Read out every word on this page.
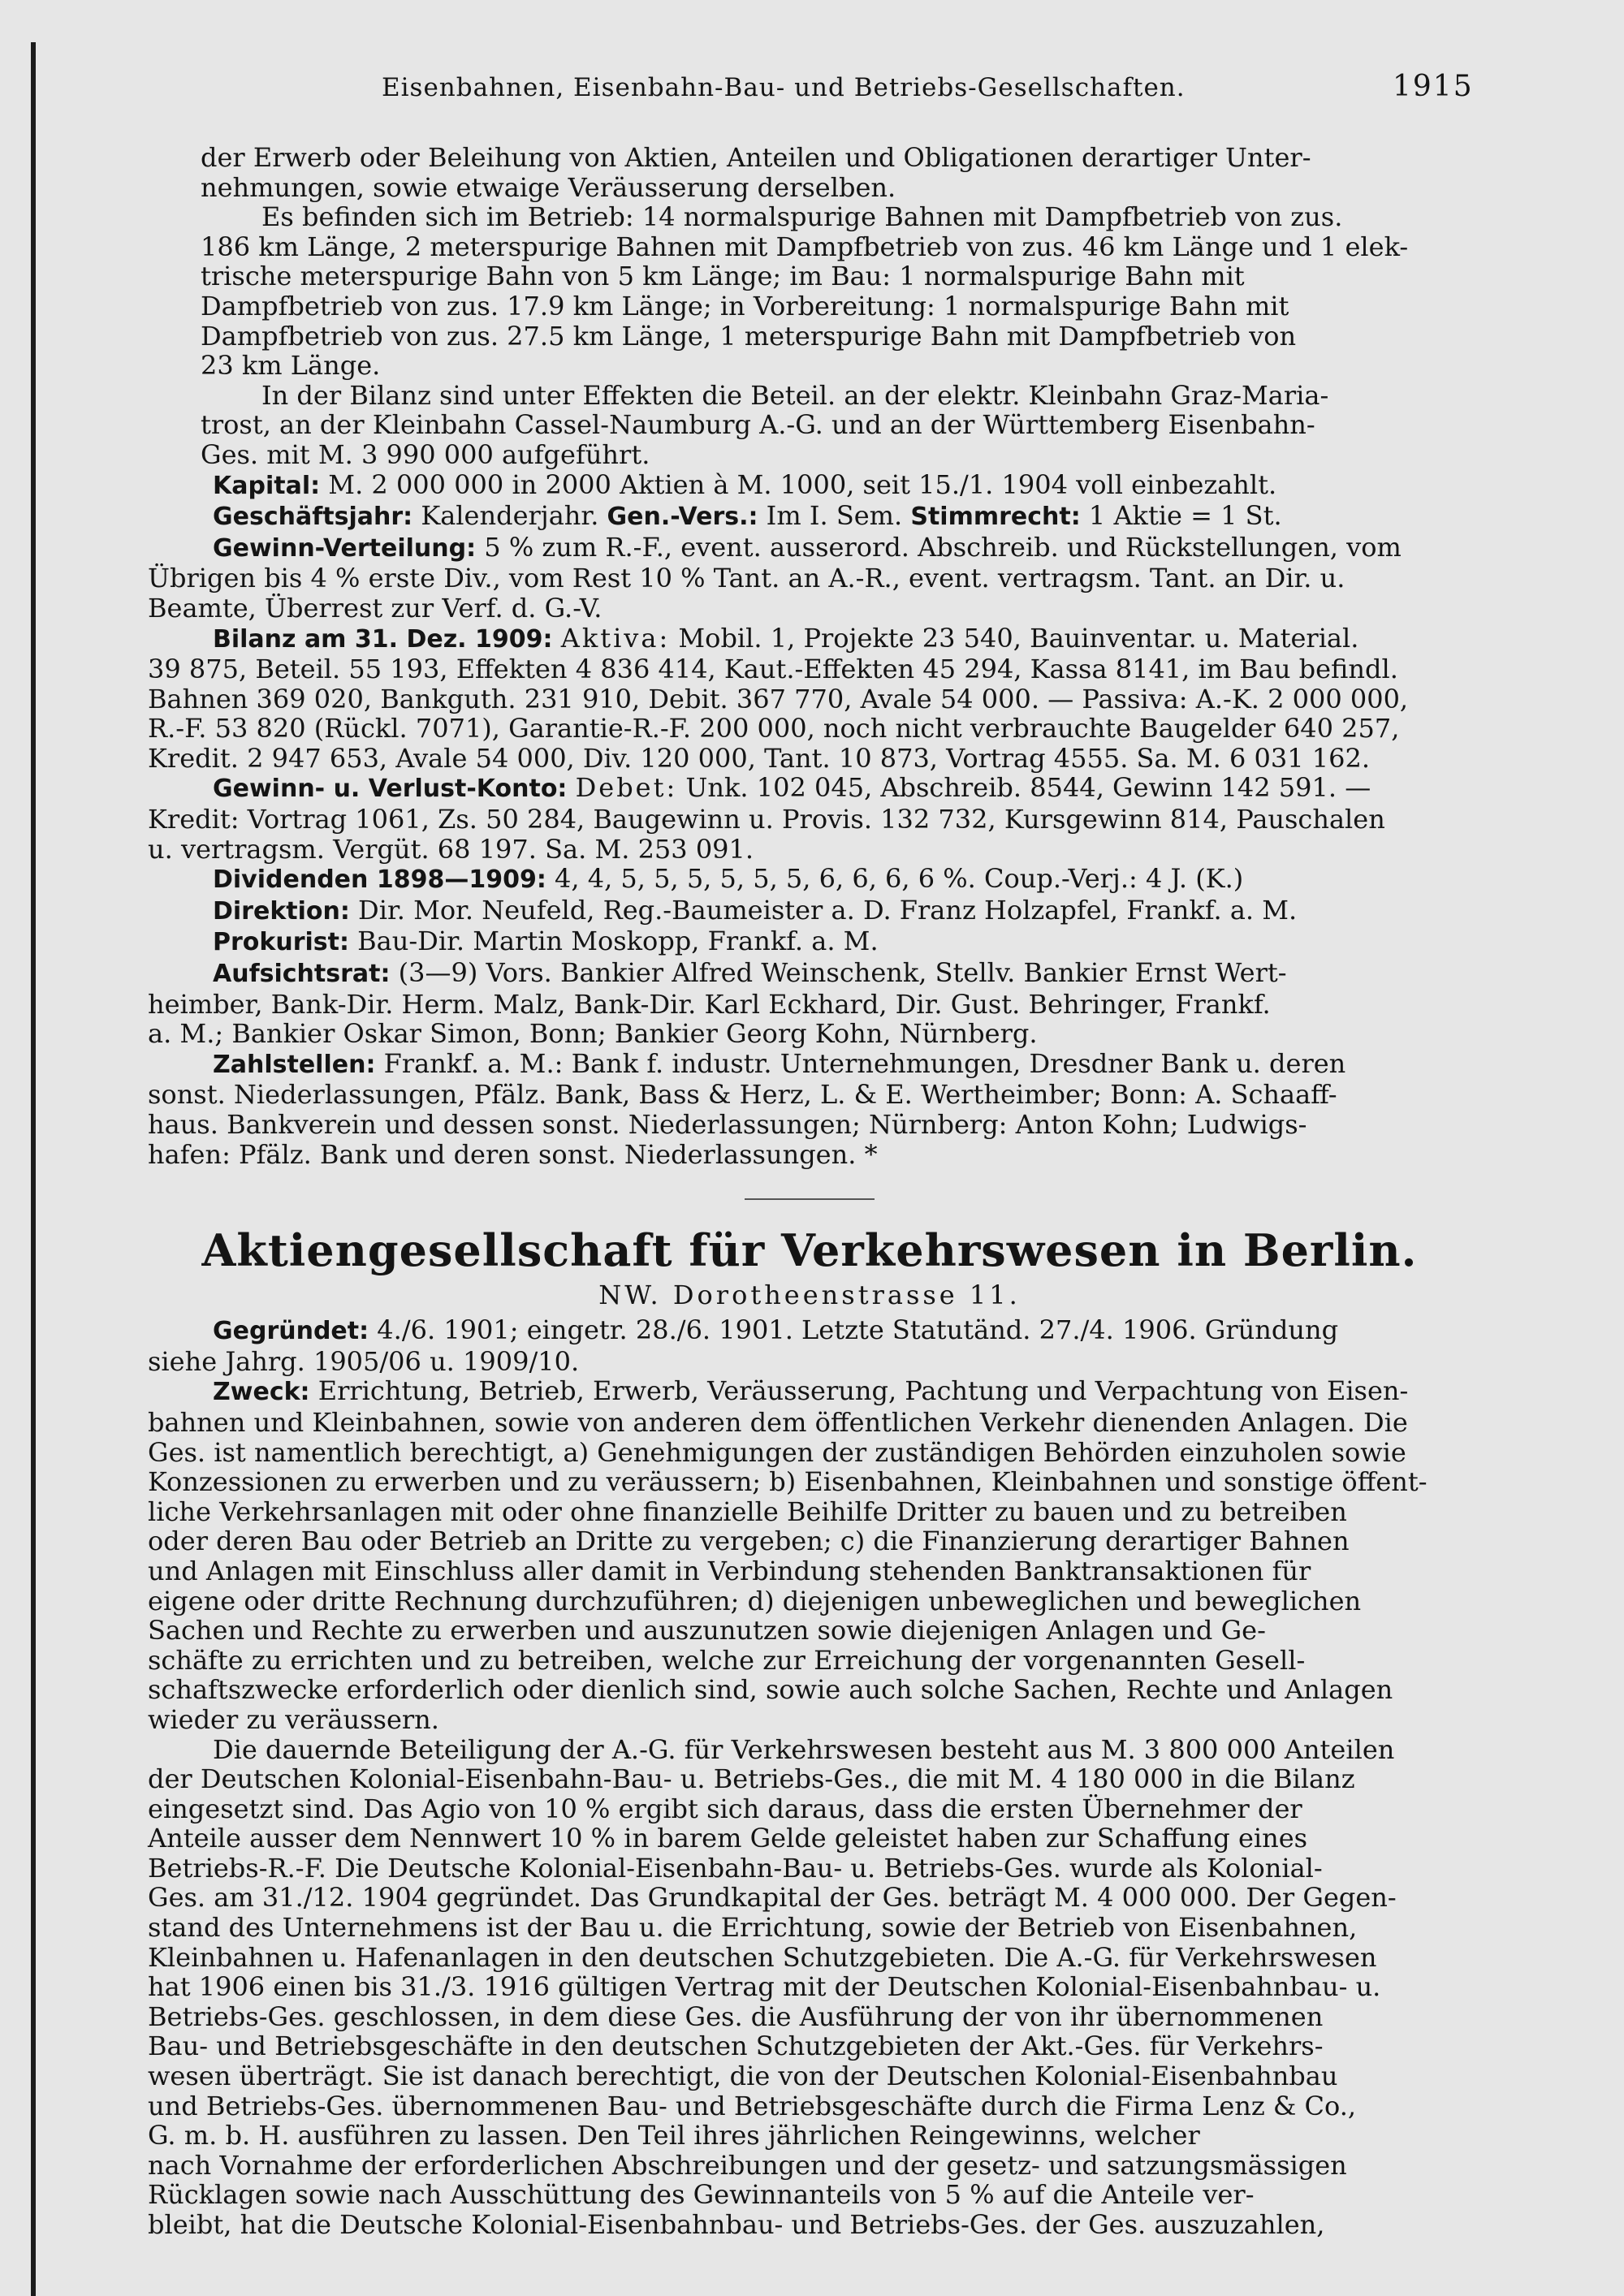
Eisenbahnen, Eisenbahn-Bau- und Betriebs-Gesellschaften.	1915

der Erwerb oder Beleihung von Aktien, Anteilen und Obligationen derartiger Unter-

nehmungen, sowie etwaige Veräusserung derselben.

Es befinden sich im Betrieb: 14 normalspurige Bahnen mit Dampfbetrieb von zus.

186 km Länge, 2 meterspurige Bahnen mit Dampfbetrieb von zus. 46 km Länge und 1 elek-

trische meterspurige Bahn von 5 km Länge; im Bau: 1 normalspurige Bahn mit

Dampfbetrieb von zus. 17.9 km Länge; in Vorbereitung: 1 normalspurige Bahn mit

Dampfbetrieb von zus. 27.5 km Länge, 1 meterspurige Bahn mit Dampfbetrieb von

23 km Länge.

In der Bilanz sind unter Effekten die Beteil. an der elektr. Kleinbahn Graz-Maria-

trost, an der Kleinbahn Cassel-Naumburg A.-G. und an der Württemberg Eisenbahn-

Ges. mit M. 3 990 000 aufgeführt.

Kapital: M. 2 000 000 in 2000 Aktien à M. 1000, seit 15./1. 1904 voll einbezahlt.

Geschäftsjahr: Kalenderjahr. Gen.-Vers.: Im I. Sem. Stimmrecht: 1 Aktie = 1 St.

Gewinn-Verteilung: 5 % zum R.-F., event. ausserord. Abschreib. und Rückstellungen, vom

Übrigen bis 4 % erste Div., vom Rest 10 % Tant. an A.-R., event. vertragsm. Tant. an Dir. u.

Beamte, Überrest zur Verf. d. G.-V.

Bilanz am 31. Dez. 1909: Aktiva: Mobil. 1, Projekte 23 540, Bauinventar. u. Material.

39 875, Beteil. 55 193, Effekten 4 836 414, Kaut.-Effekten 45 294, Kassa 8141, im Bau befindl.

Bahnen 369 020, Bankguth. 231 910, Debit. 367 770, Avale 54 000. — Passiva: A.-K. 2 000 000,

R.-F. 53 820 (Rückl. 7071), Garantie-R.-F. 200 000, noch nicht verbrauchte Baugelder 640 257,

Kredit. 2 947 653, Avale 54 000, Div. 120 000, Tant. 10 873, Vortrag 4555. Sa. M. 6 031 162.

Gewinn- u. Verlust-Konto: Debet: Unk. 102 045, Abschreib. 8544, Gewinn 142 591. —

Kredit: Vortrag 1061, Zs. 50 284, Baugewinn u. Provis. 132 732, Kursgewinn 814, Pauschalen

u. vertragsm. Vergüt. 68 197. Sa. M. 253 091.

Dividenden 1898—1909: 4, 4, 5, 5, 5, 5, 5, 5, 6, 6, 6, 6 %. Coup.-Verj.: 4 J. (K.)

Direktion: Dir. Mor. Neufeld, Reg.-Baumeister a. D. Franz Holzapfel, Frankf. a. M.

Prokurist: Bau-Dir. Martin Moskopp, Frankf. a. M.

Aufsichtsrat: (3—9) Vors. Bankier Alfred Weinschenk, Stellv. Bankier Ernst Wert-

heimber, Bank-Dir. Herm. Malz, Bank-Dir. Karl Eckhard, Dir. Gust. Behringer, Frankf.

a. M.; Bankier Oskar Simon, Bonn; Bankier Georg Kohn, Nürnberg.

Zahlstellen: Frankf. a. M.: Bank f. industr. Unternehmungen, Dresdner Bank u. deren

sonst. Niederlassungen, Pfälz. Bank, Bass & Herz, L. & E. Wertheimber; Bonn: A. Schaaff-

haus. Bankverein und dessen sonst. Niederlassungen; Nürnberg: Anton Kohn; Ludwigs-

hafen: Pfälz. Bank und deren sonst. Niederlassungen. *

Aktiengesellschaft für Verkehrswesen in Berlin.
NW. Dorotheenstrasse 11.

Gegründet: 4./6. 1901; eingetr. 28./6. 1901. Letzte Statutänd. 27./4. 1906. Gründung

siehe Jahrg. 1905/06 u. 1909/10.

Zweck: Errichtung, Betrieb, Erwerb, Veräusserung, Pachtung und Verpachtung von Eisen-

bahnen und Kleinbahnen, sowie von anderen dem öffentlichen Verkehr dienenden Anlagen. Die

Ges. ist namentlich berechtigt, a) Genehmigungen der zuständigen Behörden einzuholen sowie

Konzessionen zu erwerben und zu veräussern; b) Eisenbahnen, Kleinbahnen und sonstige öffent-

liche Verkehrsanlagen mit oder ohne finanzielle Beihilfe Dritter zu bauen und zu betreiben

oder deren Bau oder Betrieb an Dritte zu vergeben; c) die Finanzierung derartiger Bahnen

und Anlagen mit Einschluss aller damit in Verbindung stehenden Banktransaktionen für

eigene oder dritte Rechnung durchzuführen; d) diejenigen unbeweglichen und beweglichen

Sachen und Rechte zu erwerben und auszunutzen sowie diejenigen Anlagen und Ge-

schäfte zu errichten und zu betreiben, welche zur Erreichung der vorgenannten Gesell-

schaftszwecke erforderlich oder dienlich sind, sowie auch solche Sachen, Rechte und Anlagen

wieder zu veräussern.

Die dauernde Beteiligung der A.-G. für Verkehrswesen besteht aus M. 3 800 000 Anteilen

der Deutschen Kolonial-Eisenbahn-Bau- u. Betriebs-Ges., die mit M. 4 180 000 in die Bilanz

eingesetzt sind. Das Agio von 10 % ergibt sich daraus, dass die ersten Übernehmer der

Anteile ausser dem Nennwert 10 % in barem Gelde geleistet haben zur Schaffung eines

Betriebs-R.-F. Die Deutsche Kolonial-Eisenbahn-Bau- u. Betriebs-Ges. wurde als Kolonial-

Ges. am 31./12. 1904 gegründet. Das Grundkapital der Ges. beträgt M. 4 000 000. Der Gegen-

stand des Unternehmens ist der Bau u. die Errichtung, sowie der Betrieb von Eisenbahnen,

Kleinbahnen u. Hafenanlagen in den deutschen Schutzgebieten. Die A.-G. für Verkehrswesen

hat 1906 einen bis 31./3. 1916 gültigen Vertrag mit der Deutschen Kolonial-Eisenbahnbau- u.

Betriebs-Ges. geschlossen, in dem diese Ges. die Ausführung der von ihr übernommenen

Bau- und Betriebsgeschäfte in den deutschen Schutzgebieten der Akt.-Ges. für Verkehrs-

wesen überträgt. Sie ist danach berechtigt, die von der Deutschen Kolonial-Eisenbahnbau

und Betriebs-Ges. übernommenen Bau- und Betriebsgeschäfte durch die Firma Lenz & Co.,

G. m. b. H. ausführen zu lassen. Den Teil ihres jährlichen Reingewinns, welcher

nach Vornahme der erforderlichen Abschreibungen und der gesetz- und satzungsmässigen

Rücklagen sowie nach Ausschüttung des Gewinnanteils von 5 % auf die Anteile ver-

bleibt, hat die Deutsche Kolonial-Eisenbahnbau- und Betriebs-Ges. der Ges. auszuzahlen,
